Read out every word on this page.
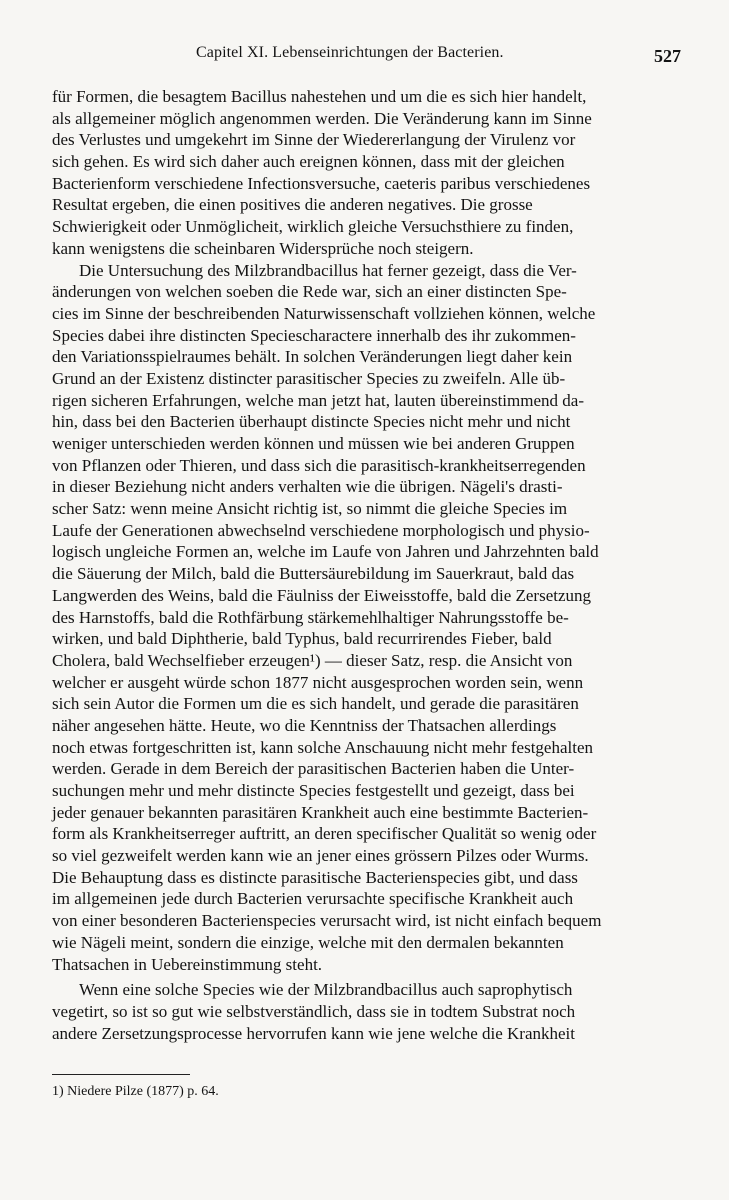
Capitel XI. Lebenseinrichtungen der Bacterien.	527
für Formen, die besagtem Bacillus nahestehen und um die es sich hier handelt,
als allgemeiner möglich angenommen werden. Die Veränderung kann im Sinne
des Verlustes und umgekehrt im Sinne der Wiedererlangung der Virulenz vor
sich gehen. Es wird sich daher auch ereignen können, dass mit der gleichen
Bacterienform verschiedene Infectionsversuche, caeteris paribus verschiedenes
Resultat ergeben, die einen positives die anderen negatives. Die grosse
Schwierigkeit oder Unmöglicheit, wirklich gleiche Versuchsthiere zu finden,
kann wenigstens die scheinbaren Widersprüche noch steigern.
Die Untersuchung des Milzbrandbacillus hat ferner gezeigt, dass die Ver-
änderungen von welchen soeben die Rede war, sich an einer distincten Spe-
cies im Sinne der beschreibenden Naturwissenschaft vollziehen können, welche
Species dabei ihre distincten Speciescharactere innerhalb des ihr zukommen-
den Variationsspielraumes behält. In solchen Veränderungen liegt daher kein
Grund an der Existenz distincter parasitischer Species zu zweifeln. Alle üb-
rigen sicheren Erfahrungen, welche man jetzt hat, lauten übereinstimmend da-
hin, dass bei den Bacterien überhaupt distincte Species nicht mehr und nicht
weniger unterschieden werden können und müssen wie bei anderen Gruppen
von Pflanzen oder Thieren, und dass sich die parasitisch-krankheitserregenden
in dieser Beziehung nicht anders verhalten wie die übrigen. Nägeli's drasti-
scher Satz: wenn meine Ansicht richtig ist, so nimmt die gleiche Species im
Laufe der Generationen abwechselnd verschiedene morphologisch und physio-
logisch ungleiche Formen an, welche im Laufe von Jahren und Jahrzehnten bald
die Säuerung der Milch, bald die Buttersäurebildung im Sauerkraut, bald das
Langwerden des Weins, bald die Fäulniss der Eiweisstoffe, bald die Zersetzung
des Harnstoffs, bald die Rothfärbung stärkemehlhaltiger Nahrungsstoffe be-
wirken, und bald Diphtherie, bald Typhus, bald recurrirendes Fieber, bald
Cholera, bald Wechselfieber erzeugen¹) — dieser Satz, resp. die Ansicht von
welcher er ausgeht würde schon 1877 nicht ausgesprochen worden sein, wenn
sich sein Autor die Formen um die es sich handelt, und gerade die parasitären
näher angesehen hätte. Heute, wo die Kenntniss der Thatsachen allerdings
noch etwas fortgeschritten ist, kann solche Anschauung nicht mehr festgehalten
werden. Gerade in dem Bereich der parasitischen Bacterien haben die Unter-
suchungen mehr und mehr distincte Species festgestellt und gezeigt, dass bei
jeder genauer bekannten parasitären Krankheit auch eine bestimmte Bacterien-
form als Krankheitserreger auftritt, an deren specifischer Qualität so wenig oder
so viel gezweifelt werden kann wie an jener eines grössern Pilzes oder Wurms.
Die Behauptung dass es distincte parasitische Bacterienspecies gibt, und dass
im allgemeinen jede durch Bacterien verursachte specifische Krankheit auch
von einer besonderen Bacterienspecies verursacht wird, ist nicht einfach bequem
wie Nägeli meint, sondern die einzige, welche mit den dermalen bekannten
Thatsachen in Uebereinstimmung steht.
Wenn eine solche Species wie der Milzbrandbacillus auch saprophytisch
vegetirt, so ist so gut wie selbstverständlich, dass sie in todtem Substrat noch
andere Zersetzungsprocesse hervorrufen kann wie jene welche die Krankheit
1) Niedere Pilze (1877) p. 64.
